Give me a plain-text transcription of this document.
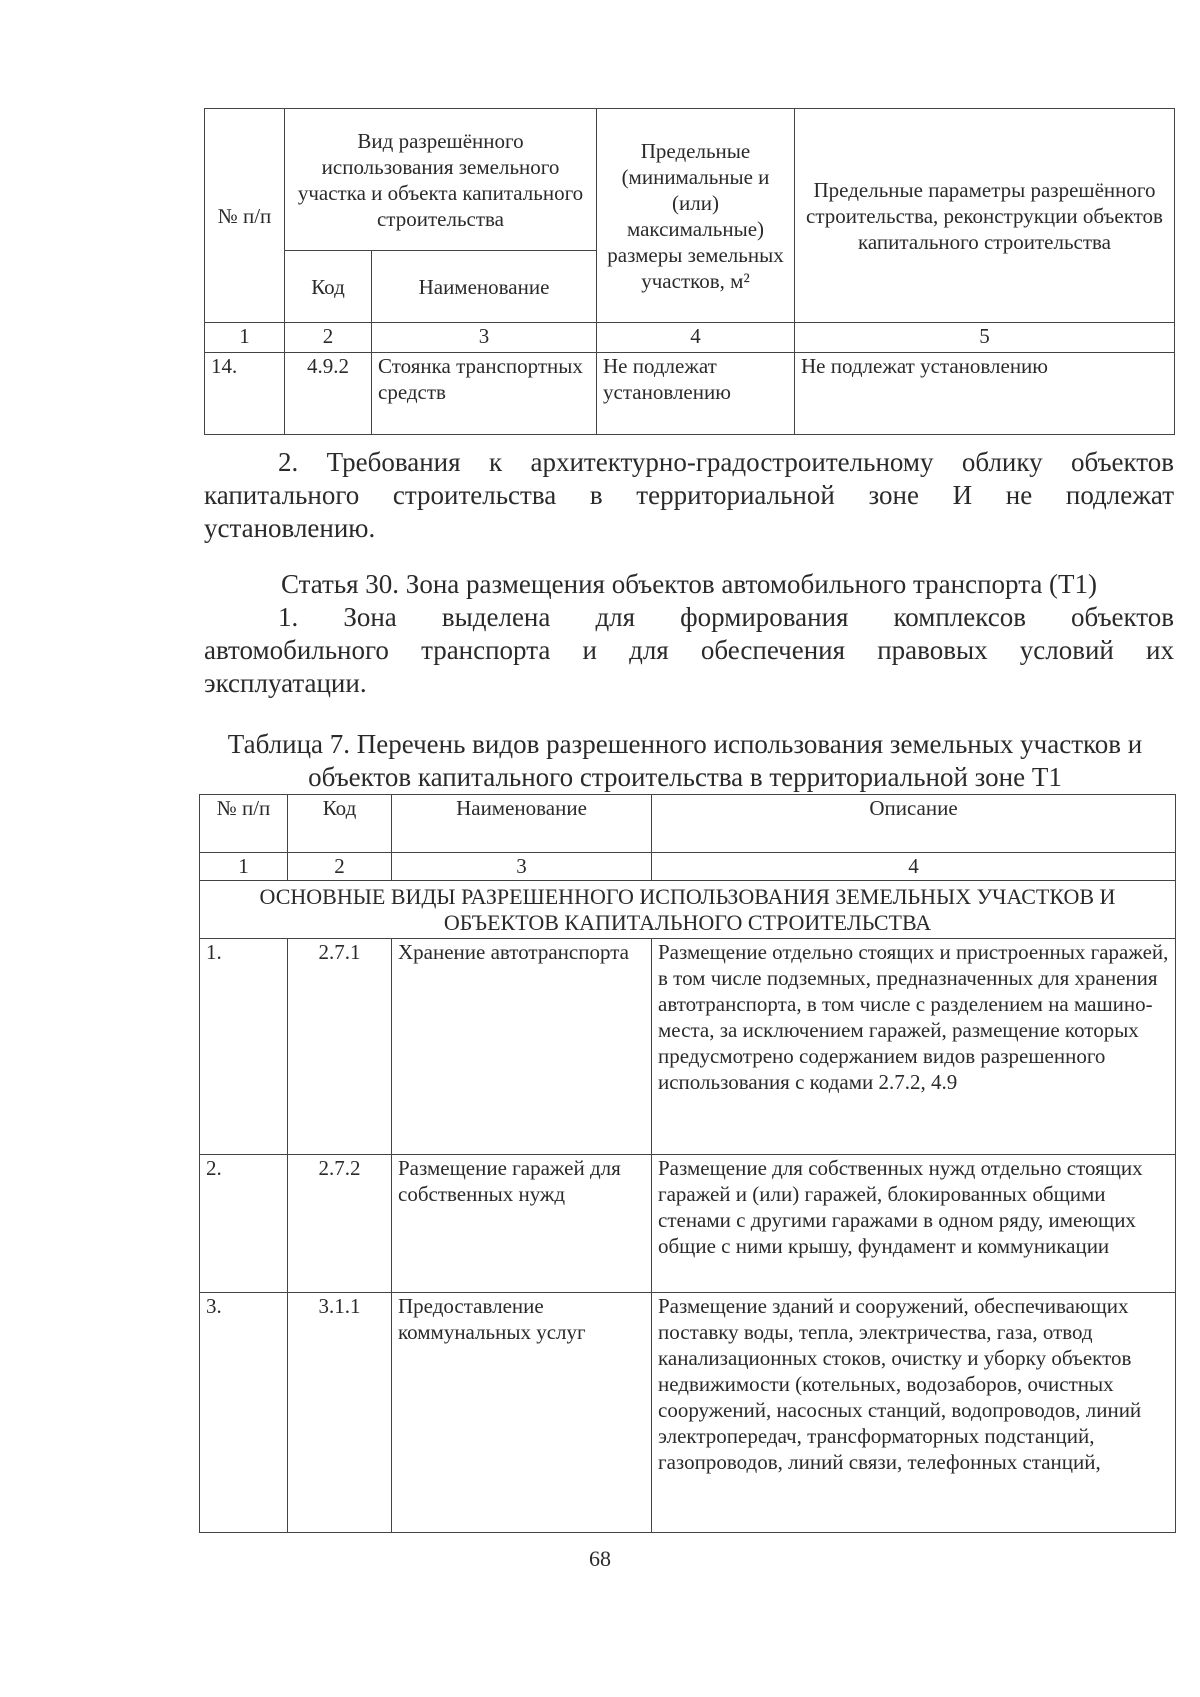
№ п/п	Вид разрешённого использования земельного участка и объекта капитального строительства		Предельные (минимальные и (или) максимальные) размеры земельных участков, м²	Предельные параметры разрешённого строительства, реконструкции объектов капитального строительства
	Код	Наименование		
1	2	3	4	5
14.	4.9.2	Стоянка транспортных средств	Не подлежат установлению	Не подлежат установлению
2. Требования к архитектурно-градостроительному облику объектов
капитального строительства в территориальной зоне И не подлежат
установлению.
Статья 30. Зона размещения объектов автомобильного транспорта (Т1)
1. Зона выделена для формирования комплексов объектов
автомобильного транспорта и для обеспечения правовых условий их
эксплуатации.
Таблица 7. Перечень видов разрешенного использования земельных участков и
объектов капитального строительства в территориальной зоне Т1
№ п/п	Код	Наименование	Описание
1	2	3	4
ОСНОВНЫЕ ВИДЫ РАЗРЕШЕННОГО ИСПОЛЬЗОВАНИЯ ЗЕМЕЛЬНЫХ УЧАСТКОВ И ОБЪЕКТОВ КАПИТАЛЬНОГО СТРОИТЕЛЬСТВА			
1.	2.7.1	Хранение автотранспорта	Размещение отдельно стоящих и пристроенных гаражей, в том числе подземных, предназначенных для хранения автотранспорта, в том числе с разделением на машино-места, за исключением гаражей, размещение которых предусмотрено содержанием видов разрешенного использования с кодами 2.7.2, 4.9
2.	2.7.2	Размещение гаражей для собственных нужд	Размещение для собственных нужд отдельно стоящих гаражей и (или) гаражей, блокированных общими стенами с другими гаражами в одном ряду, имеющих общие с ними крышу, фундамент и коммуникации
3.	3.1.1	Предоставление коммунальных услуг	Размещение зданий и сооружений, обеспечивающих поставку воды, тепла, электричества, газа, отвод канализационных стоков, очистку и уборку объектов недвижимости (котельных, водозаборов, очистных сооружений, насосных станций, водопроводов, линий электропередач, трансформаторных подстанций, газопроводов, линий связи, телефонных станций,
68
